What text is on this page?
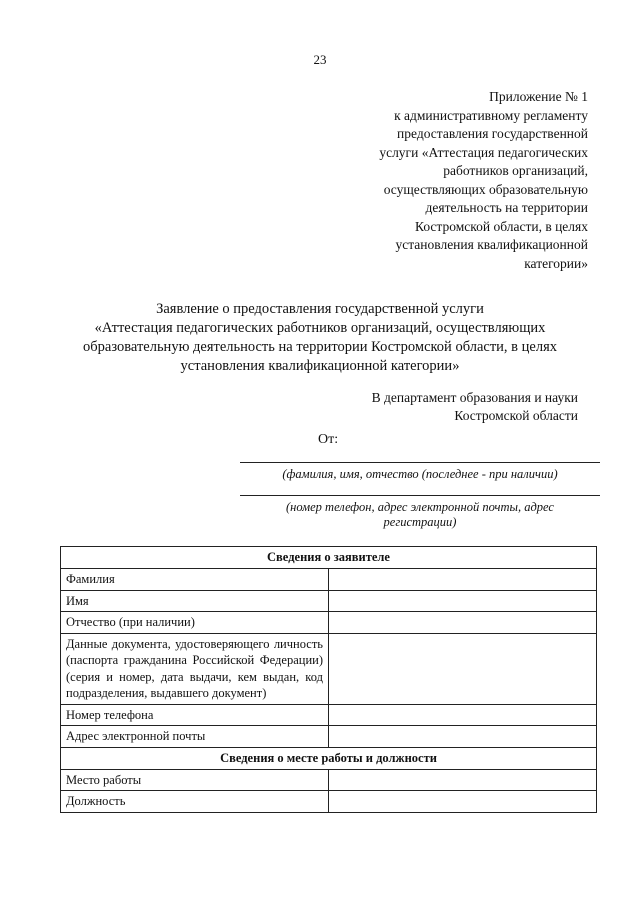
23
Приложение № 1
к административному регламенту
предоставления государственной
услуги «Аттестация педагогических
работников организаций,
осуществляющих образовательную
деятельность на территории
Костромской области, в целях
установления квалификационной
категории»
Заявление о предоставления государственной услуги
«Аттестация педагогических работников организаций, осуществляющих
образовательную деятельность на территории Костромской области, в целях
установления квалификационной категории»
В департамент образования и науки
Костромской области
От:
(фамилия, имя, отчество (последнее - при наличии)
(номер телефон, адрес электронной почты, адрес
регистрации)
Сведения о заявителе	
Фамилия	
Имя	
Отчество (при наличии)	
Данные документа, удостоверяющего личность (паспорта гражданина Российской Федерации) (серия и номер, дата выдачи, кем выдан, код подразделения, выдавшего документ)	
Номер телефона	
Адрес электронной почты	
Сведения о месте работы и должности	
Место работы	
Должность	
